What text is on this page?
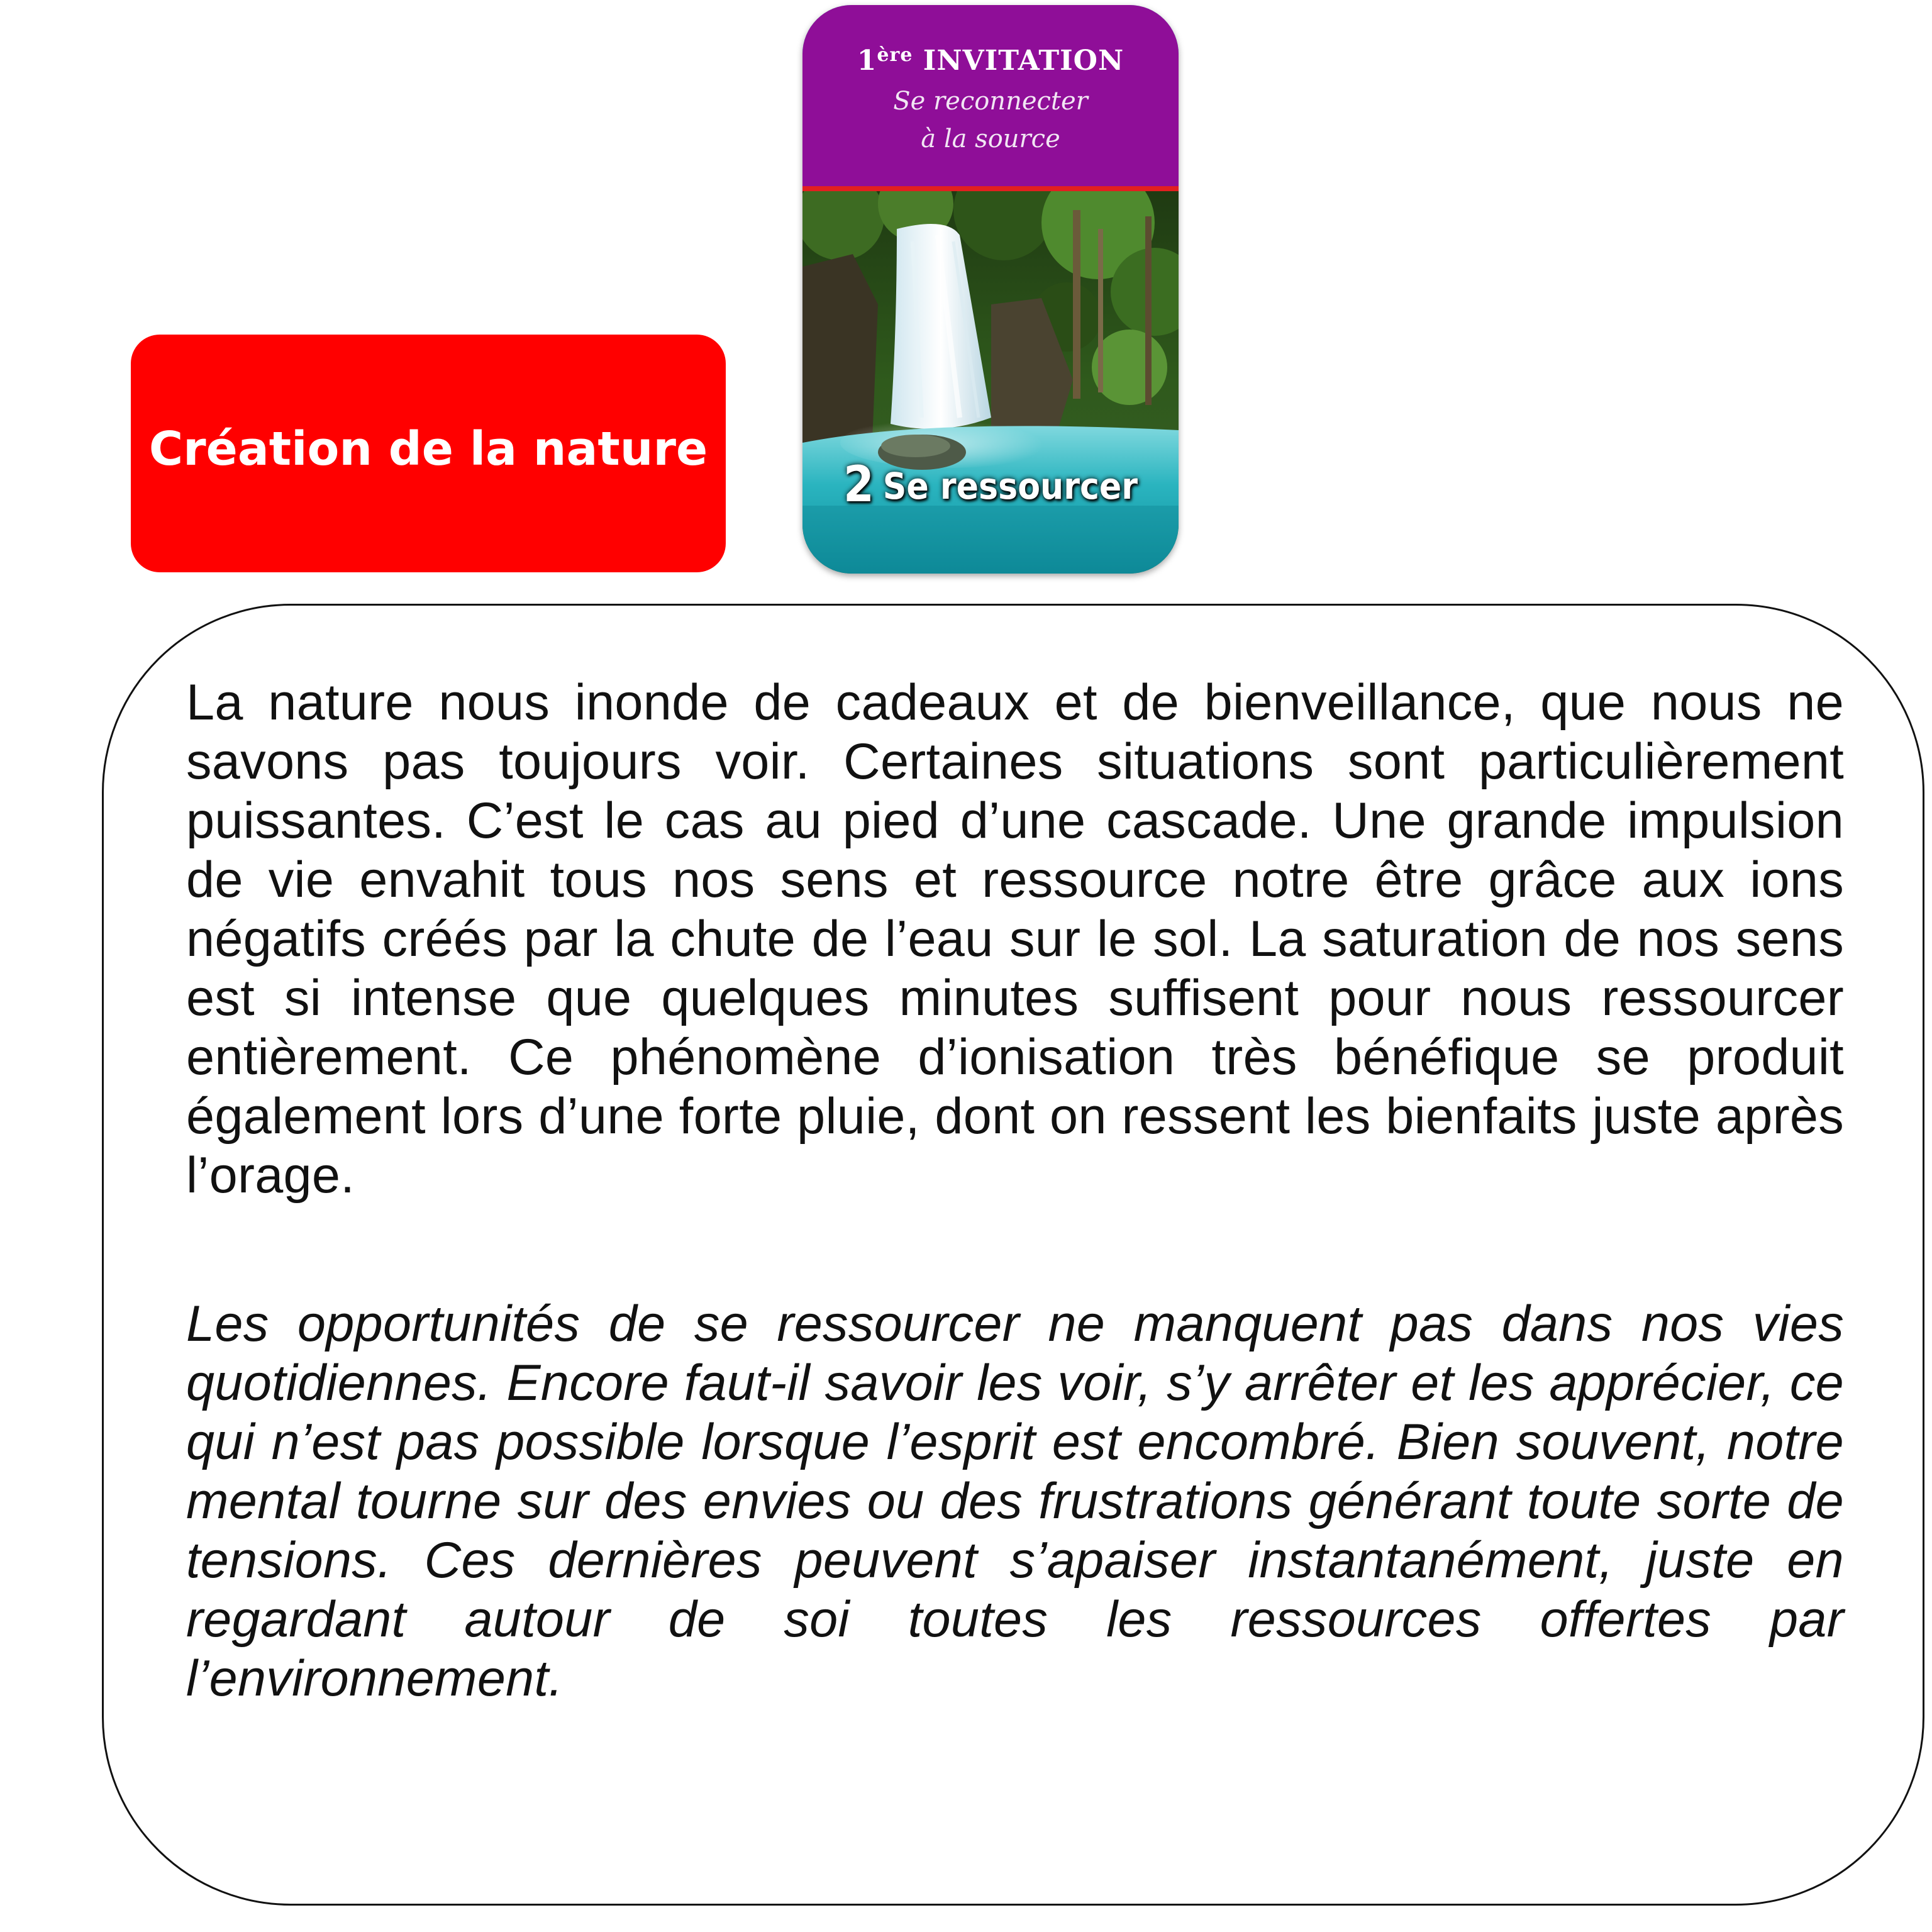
Création de la nature
1ère INVITATION
Se reconnecter
à la source
2 Se ressourcer

La nature nous inonde de cadeaux et de bienveillance, que nous ne savons pas toujours voir. Certaines situations sont particulièrement puissantes. C’est le cas au pied d’une cascade. Une grande impulsion de vie envahit tous nos sens et ressource notre être grâce aux ions négatifs créés par la chute de l’eau sur le sol. La saturation de nos sens est si intense que quelques minutes suffisent pour nous ressourcer entièrement. Ce phénomène d’ionisation très bénéfique se produit également lors d’une forte pluie, dont on ressent les bienfaits juste après l’orage.

Les opportunités de se ressourcer ne manquent pas dans nos vies quotidiennes. Encore faut-il savoir les voir, s’y arrêter et les apprécier, ce qui n’est pas possible lorsque l’esprit est encombré. Bien souvent, notre mental tourne sur des envies ou des frustrations générant toute sorte de tensions. Ces dernières peuvent s’apaiser instantanément, juste en regardant autour de soi toutes les ressources offertes par l’environnement.
